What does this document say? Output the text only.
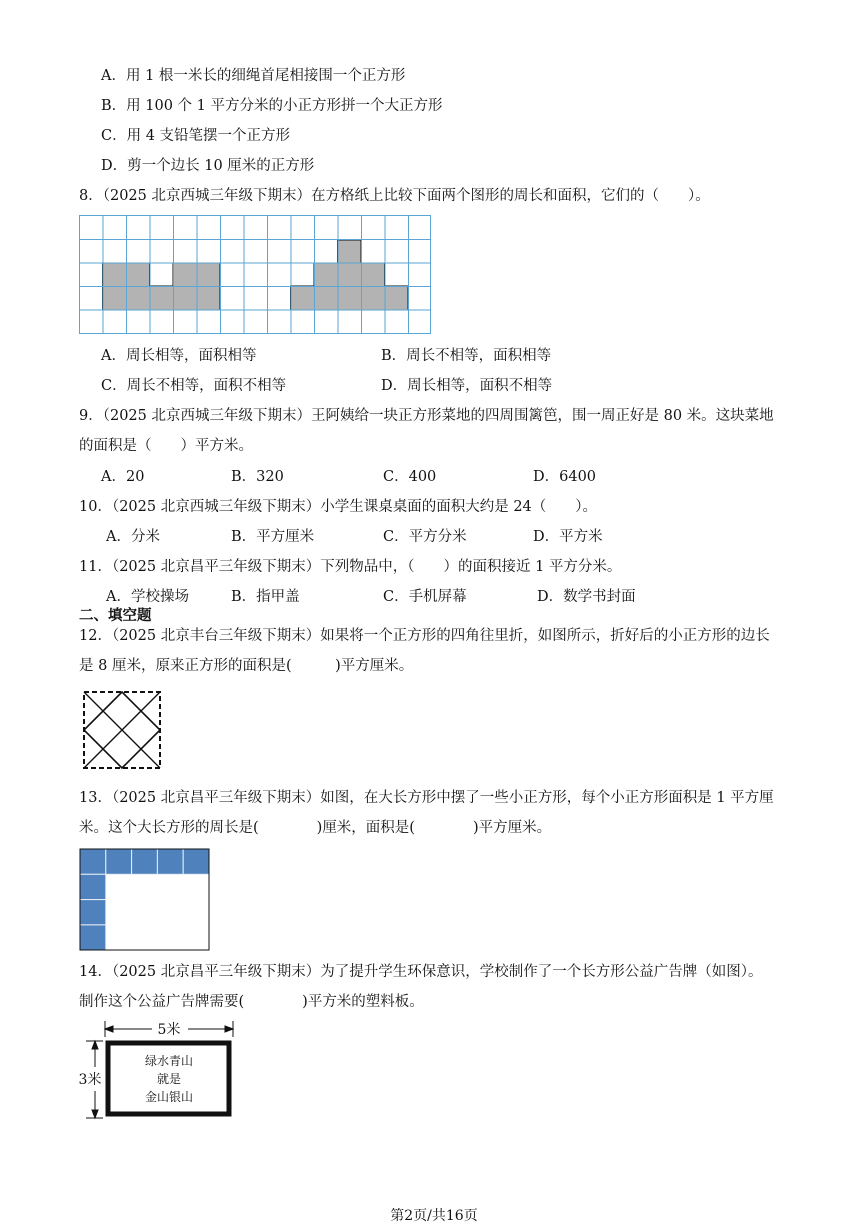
A．用 1 根一米长的细绳首尾相接围一个正方形
B．用 100 个 1 平方分米的小正方形拼一个大正方形
C．用 4 支铅笔摆一个正方形
D．剪一个边长 10 厘米的正方形
8．（2025 北京西城三年级下期末）在方格纸上比较下面两个图形的周长和面积，它们的（　　）。
A．周长相等，面积相等	B．周长不相等，面积相等
C．周长不相等，面积不相等	D．周长相等，面积不相等
9．（2025 北京西城三年级下期末）王阿姨给一块正方形菜地的四周围篱笆，围一周正好是 80 米。这块菜地
的面积是（　　）平方米。
A．20	B．320	C．400	D．6400
10．（2025 北京西城三年级下期末）小学生课桌桌面的面积大约是 24（　　）。
A．分米	B．平方厘米	C．平方分米	D．平方米
11．（2025 北京昌平三年级下期末）下列物品中，（　　）的面积接近 1 平方分米。
A．学校操场	B．指甲盖	C．手机屏幕	D．数学书封面
二、填空题
12．（2025 北京丰台三年级下期末）如果将一个正方形的四角往里折，如图所示，折好后的小正方形的边长
是 8 厘米，原来正方形的面积是(　　　)平方厘米。
13．（2025 北京昌平三年级下期末）如图，在大长方形中摆了一些小正方形，每个小正方形面积是 1 平方厘
米。这个大长方形的周长是(　　　　)厘米，面积是(　　　　)平方厘米。
14．（2025 北京昌平三年级下期末）为了提升学生环保意识，学校制作了一个长方形公益广告牌（如图）。
制作这个公益广告牌需要(　　　　)平方米的塑料板。
5米
3米
绿水青山
就是
金山银山
第2页/共16页
